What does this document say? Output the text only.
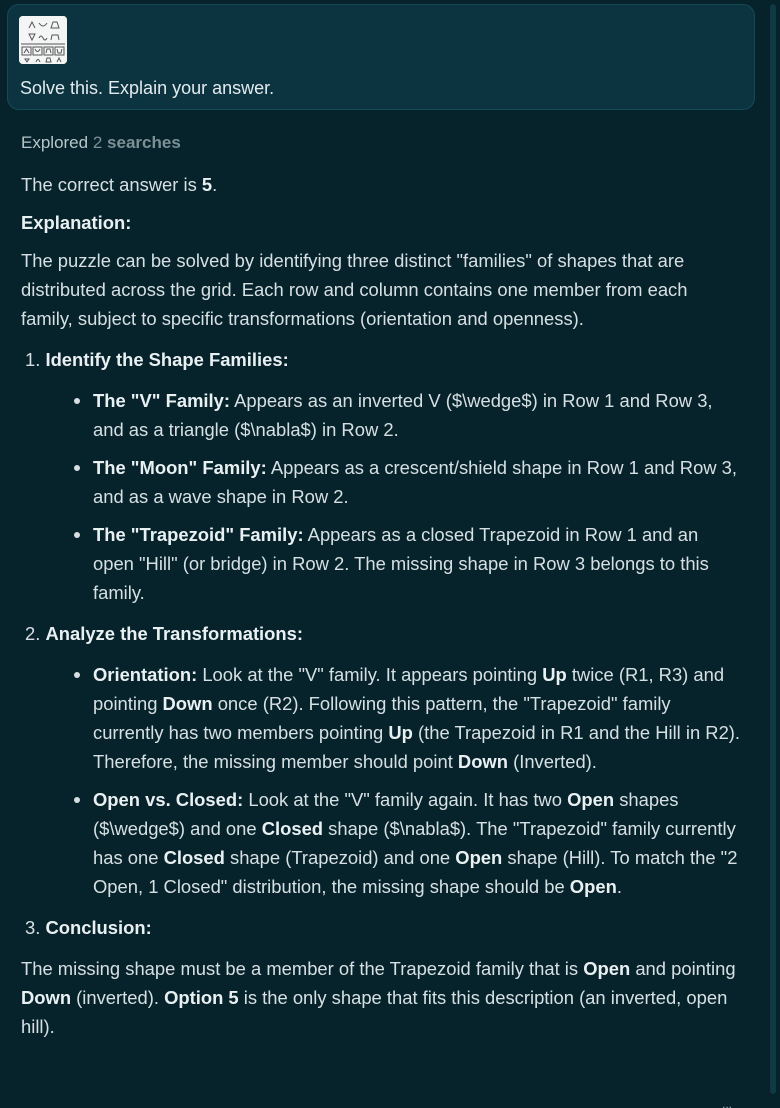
Solve this. Explain your answer.
Explored 2 searches

The correct answer is 5.

Explanation:

The puzzle can be solved by identifying three distinct "families" of shapes that are distributed across the grid. Each row and column contains one member from each family, subject to specific transformations (orientation and openness).

1. Identify the Shape Families:
The "V" Family: Appears as an inverted V ($\wedge$) in Row 1 and Row 3, and as a triangle ($\nabla$) in Row 2.
The "Moon" Family: Appears as a crescent/shield shape in Row 1 and Row 3, and as a wave shape in Row 2.
The "Trapezoid" Family: Appears as a closed Trapezoid in Row 1 and an open "Hill" (or bridge) in Row 2. The missing shape in Row 3 belongs to this family.
2. Analyze the Transformations:
Orientation: Look at the "V" family. It appears pointing Up twice (R1, R3) and pointing Down once (R2). Following this pattern, the "Trapezoid" family currently has two members pointing Up (the Trapezoid in R1 and the Hill in R2). Therefore, the missing member should point Down (Inverted).
Open vs. Closed: Look at the "V" family again. It has two Open shapes ($\wedge$) and one Closed shape ($\nabla$). The "Trapezoid" family currently has one Closed shape (Trapezoid) and one Open shape (Hill). To match the "2 Open, 1 Closed" distribution, the missing shape should be Open.
3. Conclusion:

The missing shape must be a member of the Trapezoid family that is Open and pointing Down (inverted). Option 5 is the only shape that fits this description (an inverted, open hill).

...
